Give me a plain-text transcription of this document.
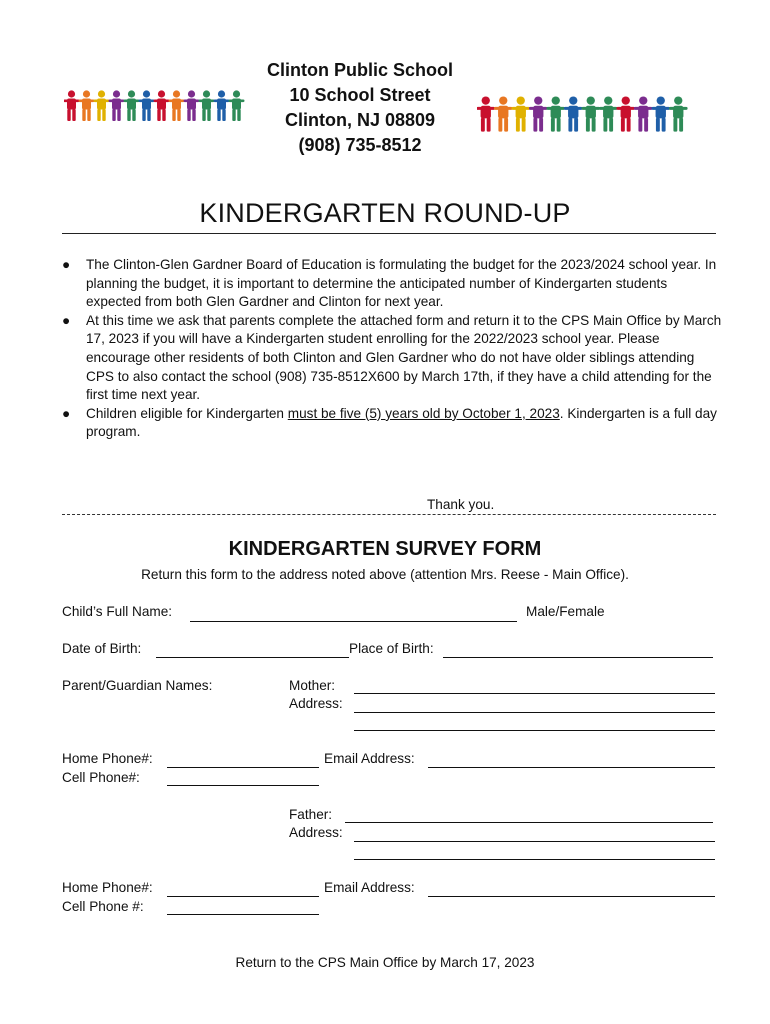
Clinton Public School
10 School Street
Clinton, NJ 08809
(908) 735-8512
KINDERGARTEN ROUND-UP
● The Clinton-Glen Gardner Board of Education is formulating the budget for the 2023/2024 school year. In planning the budget, it is important to determine the anticipated number of Kindergarten students expected from both Glen Gardner and Clinton for next year.
● At this time we ask that parents complete the attached form and return it to the CPS Main Office by March 17, 2023 if you will have a Kindergarten student enrolling for the 2022/2023 school year. Please encourage other residents of both Clinton and Glen Gardner who do not have older siblings attending CPS to also contact the school (908) 735-8512X600 by March 17th, if they have a child attending for the first time next year.
● Children eligible for Kindergarten must be five (5) years old by October 1, 2023. Kindergarten is a full day program.
Thank you.
KINDERGARTEN SURVEY FORM
Return this form to the address noted above (attention Mrs. Reese - Main Office).
Child’s Full Name:	Male/Female
Date of Birth:	Place of Birth:
Parent/Guardian Names:	Mother:
Address:
Home Phone#:	Email Address:
Cell Phone#:
Father:
Address:
Home Phone#:	Email Address:
Cell Phone #:
Return to the CPS Main Office by March 17, 2023
